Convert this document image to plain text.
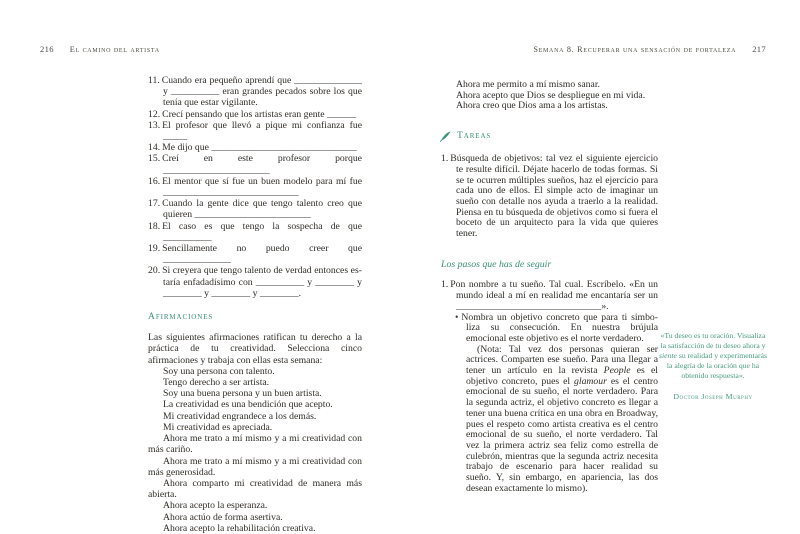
216 El camino del artista	Semana 8. Recuperar una sensación de fortaleza 217
11. Cuando era pequeño aprendí que ______________ y __________ eran grandes pecados sobre los que tenía que estar vigilante.
12. Crecí pensando que los artistas eran gente ______
13. El profesor que llevó a pique mi confianza fue _____
14. Me dijo que ______________________________
15. Creí en este profesor porque ______________________
16. El mentor que sí fue un buen modelo para mí fue ____________________________
17. Cuando la gente dice que tengo talento creo que quieren ________________________
18. El caso es que tengo la sospecha de que __________
19. Sencillamente no puedo creer que ______________
20. Si creyera que tengo talento de verdad entonces estaría enfadadísimo con __________ y ________ y ________ y ________ y ________.
Afirmaciones
Las siguientes afirmaciones ratifican tu derecho a la práctica de tu creatividad. Selecciona cinco afirmaciones y trabaja con ellas esta semana:
Soy una persona con talento.
Tengo derecho a ser artista.
Soy una buena persona y un buen artista.
La creatividad es una bendición que acepto.
Mi creatividad engrandece a los demás.
Mi creatividad es apreciada.
Ahora me trato a mí mismo y a mi creatividad con más cariño.
Ahora me trato a mí mismo y a mi creatividad con más generosidad.
Ahora comparto mi creatividad de manera más abierta.
Ahora acepto la esperanza.
Ahora actúo de forma asertiva.
Ahora acepto la rehabilitación creativa.
Ahora me permito a mí mismo sanar.
Ahora acepto que Dios se despliegue en mi vida.
Ahora creo que Dios ama a los artistas.
Tareas
1. Búsqueda de objetivos: tal vez el siguiente ejercicio te resulte difícil. Déjate hacerlo de todas formas. Si se te ocurren múltiples sueños, haz el ejercicio para cada uno de ellos. El simple acto de imaginar un sueño con detalle nos ayuda a traerlo a la realidad. Piensa en tu búsqueda de objetivos como si fuera el boceto de un arquitecto para la vida que quieres tener.
Los pasos que has de seguir
1. Pon nombre a tu sueño. Tal cual. Escríbelo. «En un mundo ideal a mí en realidad me encantaría ser un ______________________________».
• Nombra un objetivo concreto que para ti simboliza su consecución. En nuestra brújula emocional este objetivo es el norte verdadero.
(Nota: Tal vez dos personas quieran ser actrices. Comparten ese sueño. Para una llegar a tener un artículo en la revista People es el objetivo concreto, pues el glamour es el centro emocional de su sueño, el norte verdadero. Para la segunda actriz, el objetivo concreto es llegar a tener una buena crítica en una obra en Broadway, pues el respeto como artista creativa es el centro emocional de su sueño, el norte verdadero. Tal vez la primera actriz sea feliz como estrella de culebrón, mientras que la segunda actriz necesita trabajo de escenario para hacer realidad su sueño. Y, sin embargo, en apariencia, las dos desean exactamente lo mismo).
«Tu deseo es tu oración. Visualiza la satisfacción de tu deseo ahora y siente su realidad y experimentarás la alegría de la oración que ha obtenido respuesta».
Doctor Joseph Murphy
